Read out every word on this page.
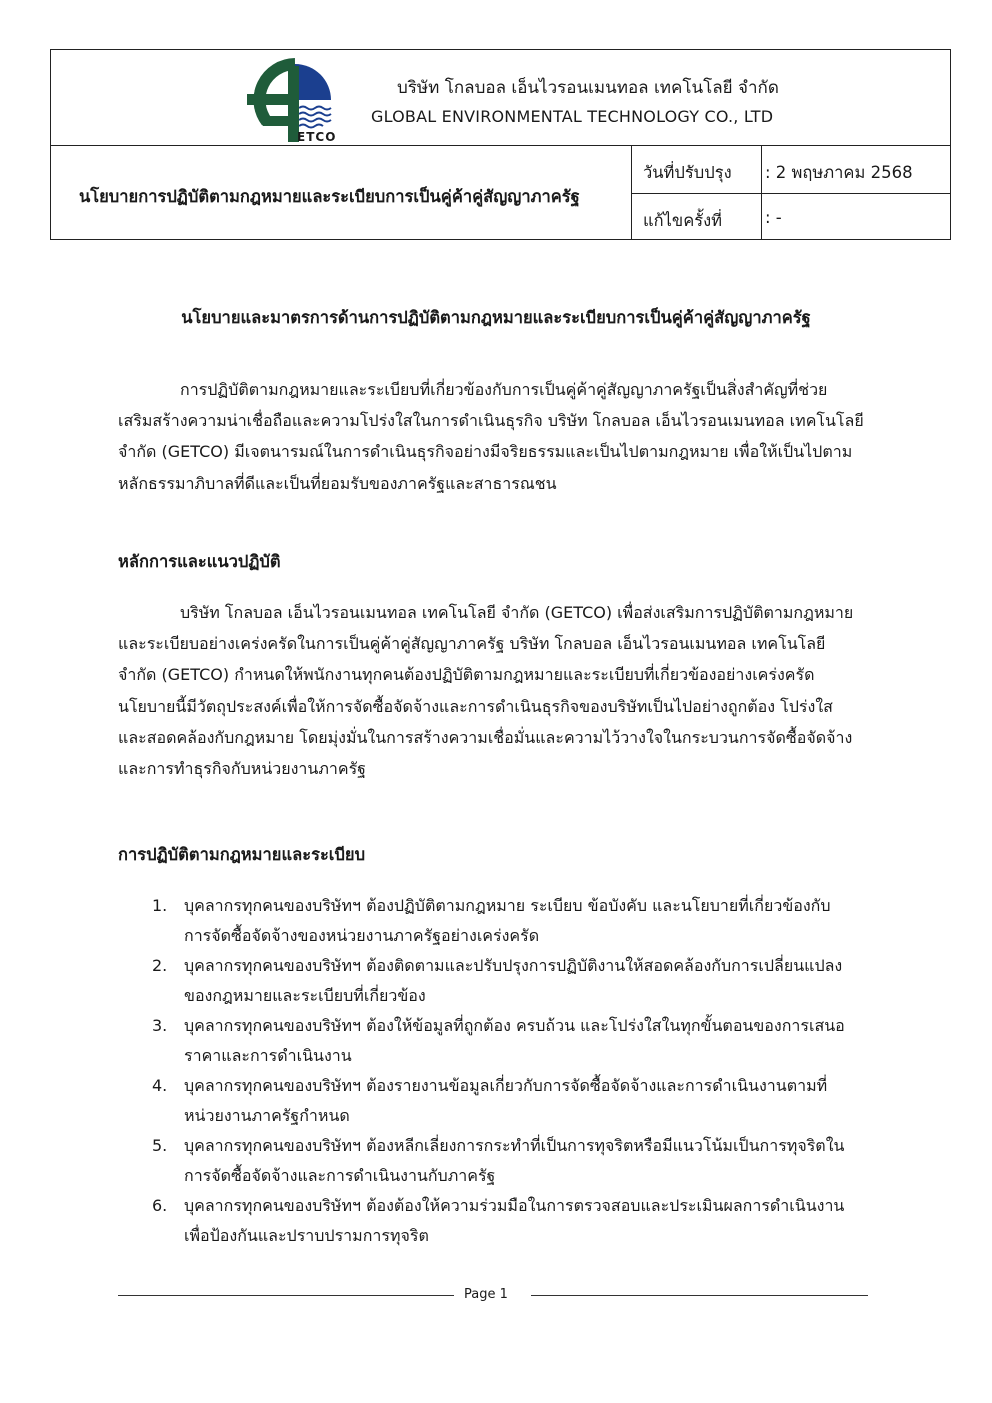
ETCO
บริษัท โกลบอล เอ็นไวรอนเมนทอล เทคโนโลยี จำกัด
GLOBAL ENVIRONMENTAL TECHNOLOGY CO., LTD
นโยบายการปฏิบัติตามกฎหมายและระเบียบการเป็นคู่ค้าคู่สัญญาภาครัฐ
วันที่ปรับปรุง : 2 พฤษภาคม 2568
แก้ไขครั้งที่	: -
นโยบายและมาตรการด้านการปฏิบัติตามกฎหมายและระเบียบการเป็นคู่ค้าคู่สัญญาภาครัฐ
การปฏิบัติตามกฎหมายและระเบียบที่เกี่ยวข้องกับการเป็นคู่ค้าคู่สัญญาภาครัฐเป็นสิ่งสำคัญที่ช่วย
เสริมสร้างความน่าเชื่อถือและความโปร่งใสในการดำเนินธุรกิจ บริษัท โกลบอล เอ็นไวรอนเมนทอล เทคโนโลยี
จำกัด (GETCO) มีเจตนารมณ์ในการดำเนินธุรกิจอย่างมีจริยธรรมและเป็นไปตามกฎหมาย เพื่อให้เป็นไปตาม
หลักธรรมาภิบาลที่ดีและเป็นที่ยอมรับของภาครัฐและสาธารณชน
หลักการและแนวปฏิบัติ
บริษัท โกลบอล เอ็นไวรอนเมนทอล เทคโนโลยี จำกัด (GETCO) เพื่อส่งเสริมการปฏิบัติตามกฎหมาย
และระเบียบอย่างเคร่งครัดในการเป็นคู่ค้าคู่สัญญาภาครัฐ บริษัท โกลบอล เอ็นไวรอนเมนทอล เทคโนโลยี
จำกัด (GETCO) กำหนดให้พนักงานทุกคนต้องปฏิบัติตามกฎหมายและระเบียบที่เกี่ยวข้องอย่างเคร่งครัด
นโยบายนี้มีวัตถุประสงค์เพื่อให้การจัดซื้อจัดจ้างและการดำเนินธุรกิจของบริษัทเป็นไปอย่างถูกต้อง โปร่งใส
และสอดคล้องกับกฎหมาย โดยมุ่งมั่นในการสร้างความเชื่อมั่นและความไว้วางใจในกระบวนการจัดซื้อจัดจ้าง
และการทำธุรกิจกับหน่วยงานภาครัฐ
การปฏิบัติตามกฎหมายและระเบียบ
1. บุคลากรทุกคนของบริษัทฯ ต้องปฏิบัติตามกฎหมาย ระเบียบ ข้อบังคับ และนโยบายที่เกี่ยวข้องกับ
การจัดซื้อจัดจ้างของหน่วยงานภาครัฐอย่างเคร่งครัด
2. บุคลากรทุกคนของบริษัทฯ ต้องติดตามและปรับปรุงการปฏิบัติงานให้สอดคล้องกับการเปลี่ยนแปลง
ของกฎหมายและระเบียบที่เกี่ยวข้อง
3. บุคลากรทุกคนของบริษัทฯ ต้องให้ข้อมูลที่ถูกต้อง ครบถ้วน และโปร่งใสในทุกขั้นตอนของการเสนอ
ราคาและการดำเนินงาน
4. บุคลากรทุกคนของบริษัทฯ ต้องรายงานข้อมูลเกี่ยวกับการจัดซื้อจัดจ้างและการดำเนินงานตามที่
หน่วยงานภาครัฐกำหนด
5. บุคลากรทุกคนของบริษัทฯ ต้องหลีกเลี่ยงการกระทำที่เป็นการทุจริตหรือมีแนวโน้มเป็นการทุจริตใน
การจัดซื้อจัดจ้างและการดำเนินงานกับภาครัฐ
6. บุคลากรทุกคนของบริษัทฯ ต้องต้องให้ความร่วมมือในการตรวจสอบและประเมินผลการดำเนินงาน
เพื่อป้องกันและปราบปรามการทุจริต
Page 1
